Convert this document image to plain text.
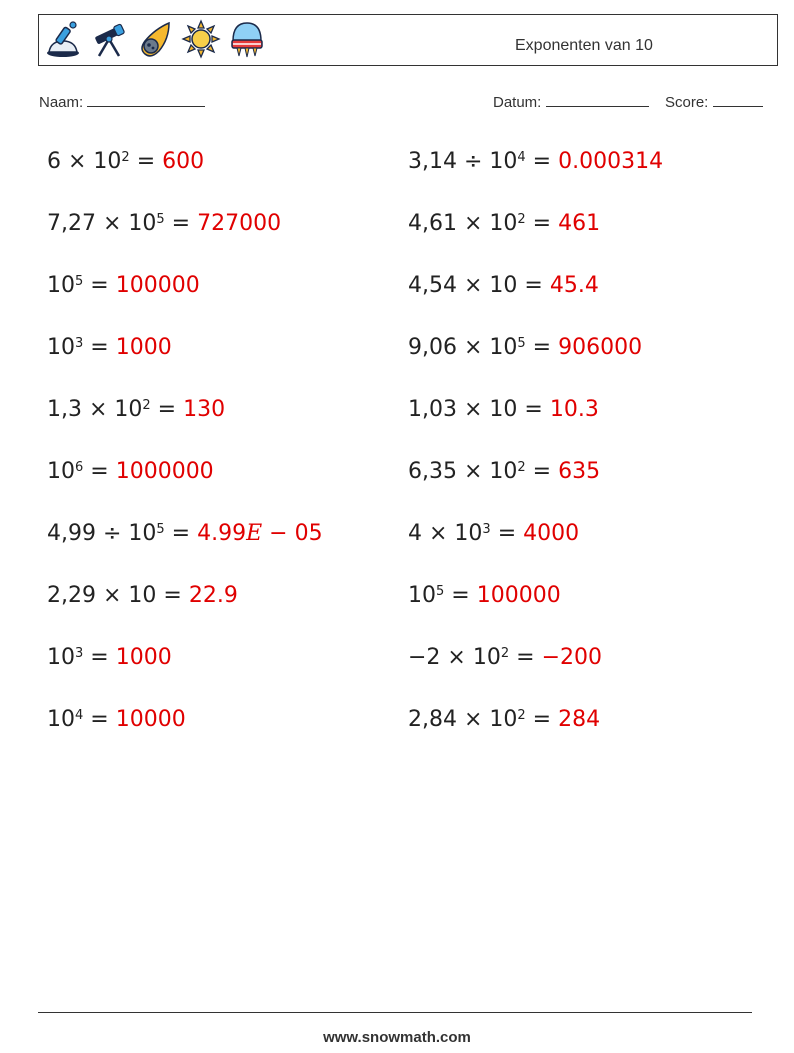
Exponenten van 10
Naam:	Datum:	Score:
$6 \times 10^2 = 600$
$7,27 \times 10^5 = 727000$
$10^5 = 100000$
$10^3 = 1000$
$1,3 \times 10^2 = 130$
$10^6 = 1000000$
$4,99 \div 10^5 = 4.99E - 05$
2,29 × 10 = 22.9
$10^3 = 1000$
$10^4 = 10000$
$3,14 \div 10^4 = 0.000314$
$4,61 \times 10^2 = 461$
4,54 × 10 = 45.4
$9,06 \times 10^5 = 906000$
1,03 × 10 = 10.3
$6,35 \times 10^2 = 635$
$4 \times 10^3 = 4000$
$10^5 = 100000$
$-2 \times 10^2 = -200$
$2,84 \times 10^2 = 284$
www.snowmath.com
